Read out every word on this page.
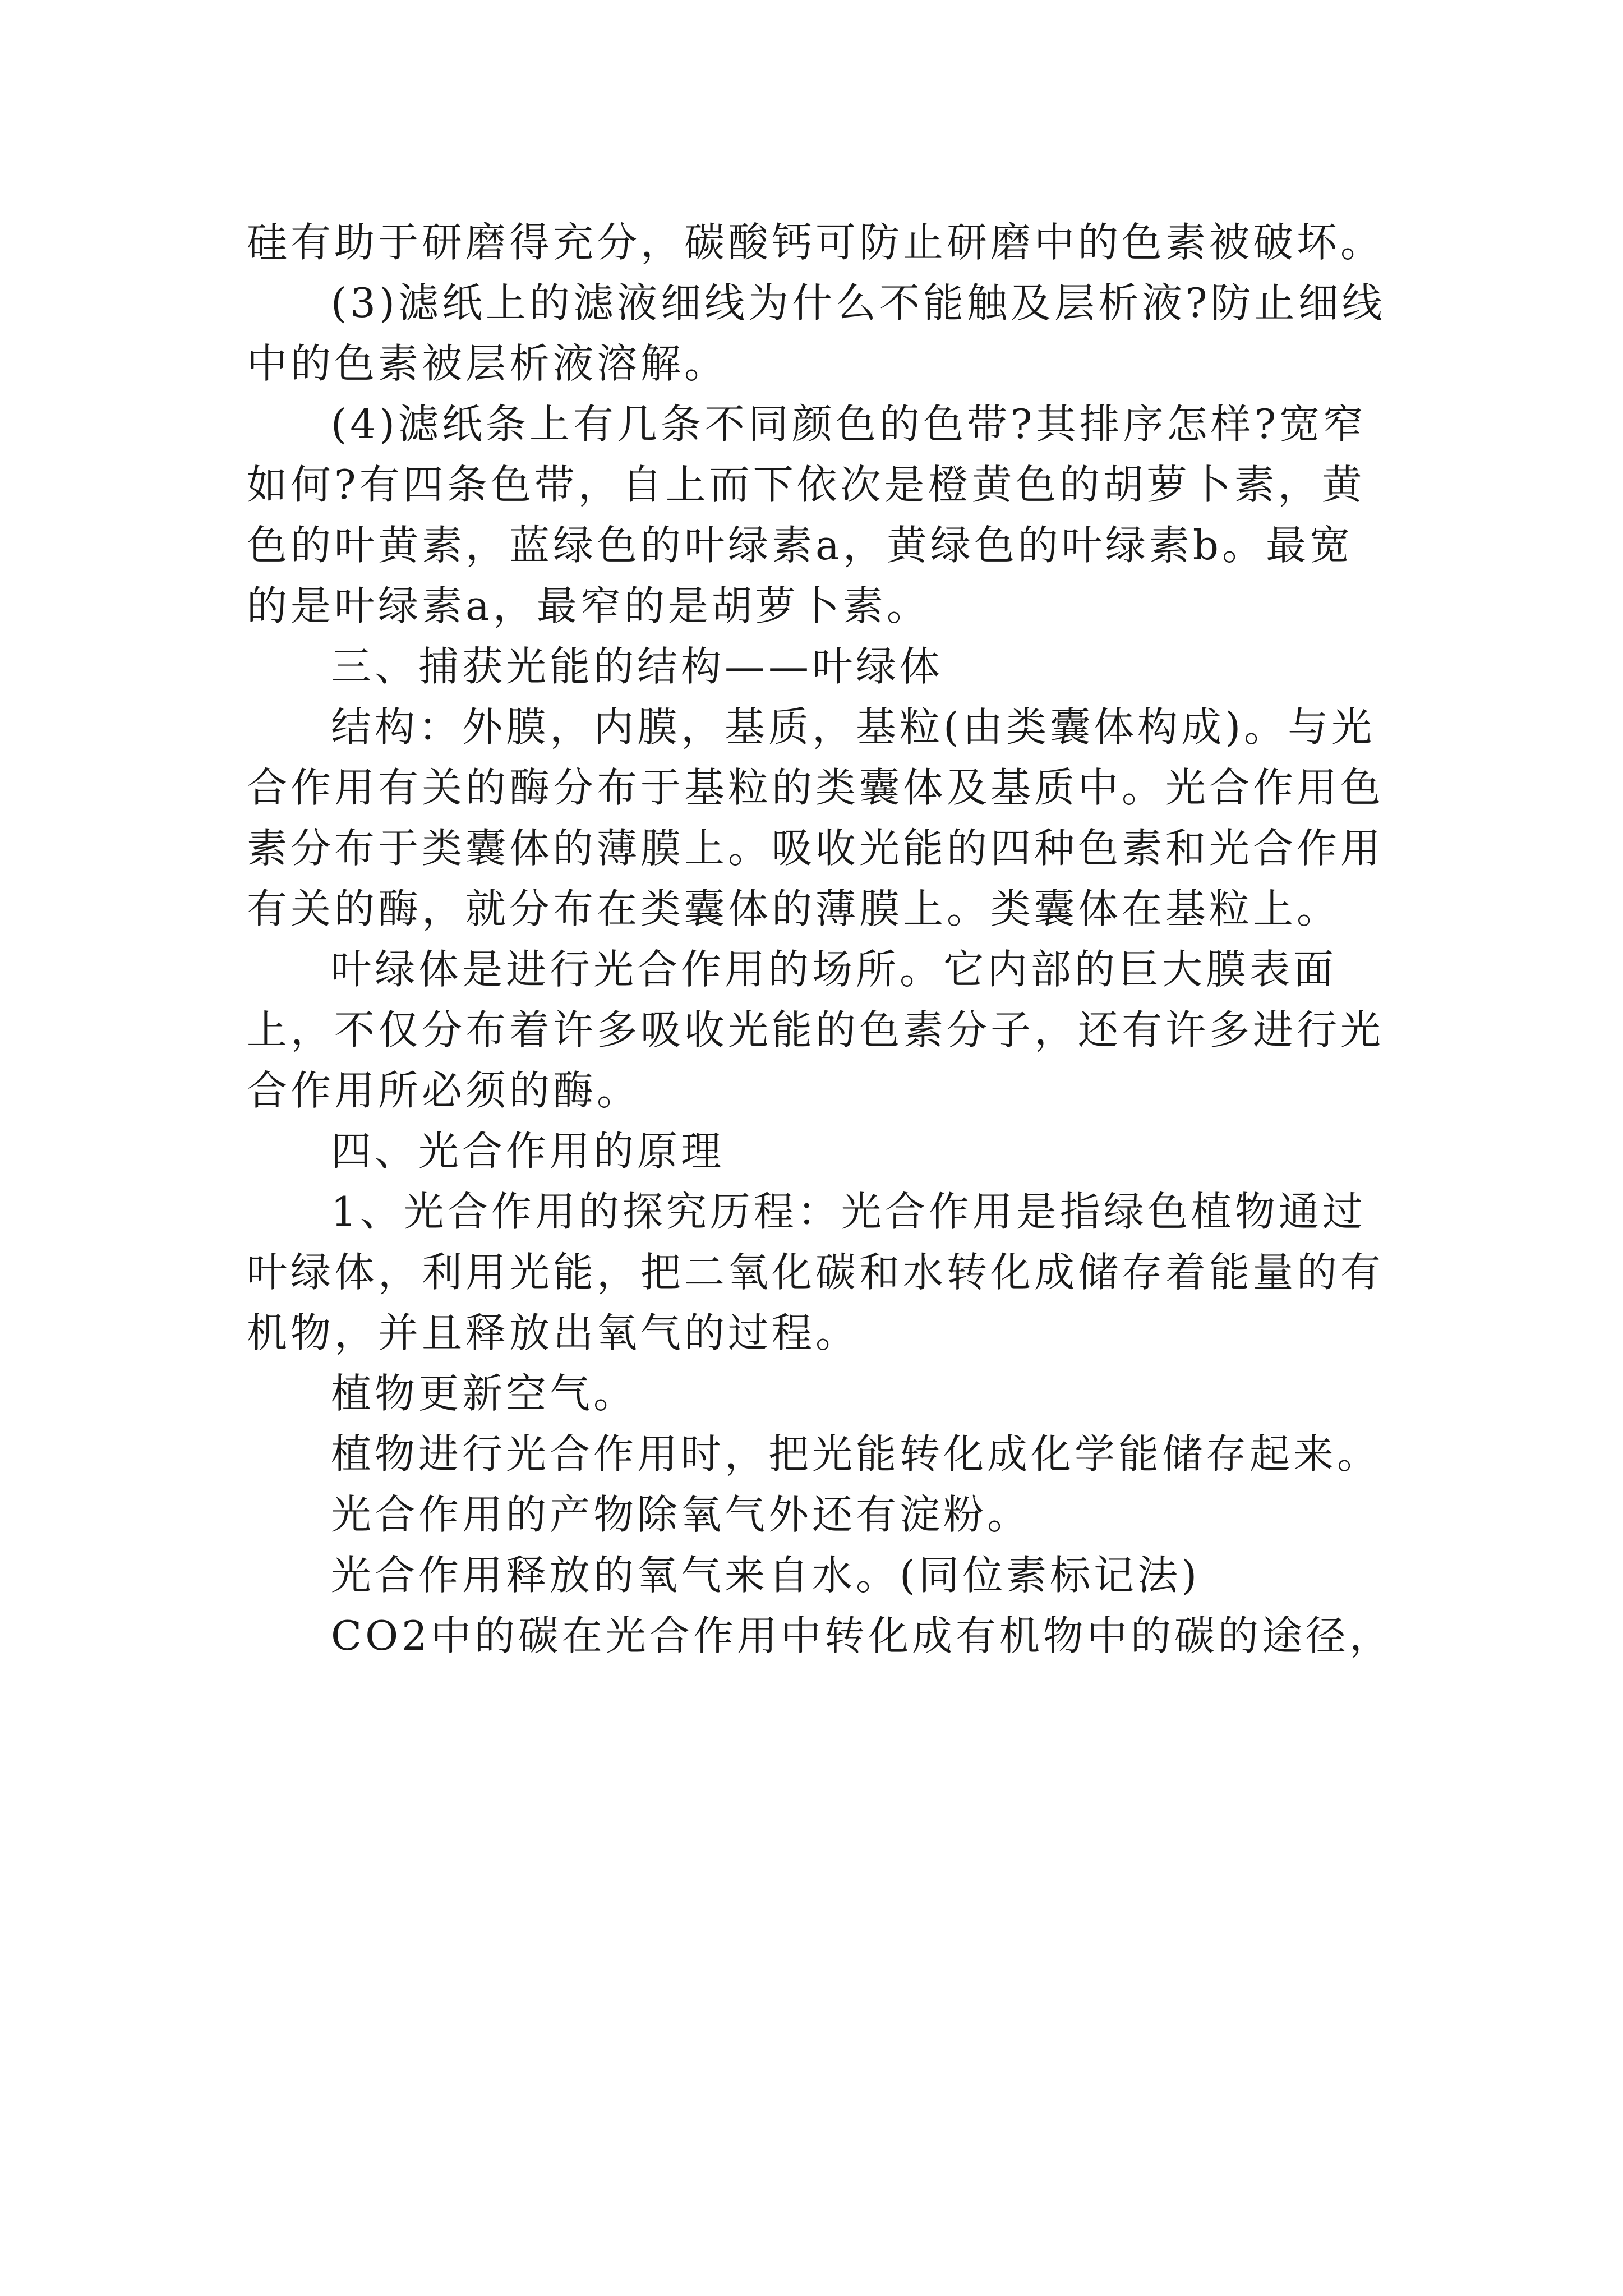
硅有助于研磨得充分，碳酸钙可防止研磨中的色素被破坏。

(3)滤纸上的滤液细线为什么不能触及层析液?防止细线中的色素被层析液溶解。

(4)滤纸条上有几条不同颜色的色带?其排序怎样?宽窄如何?有四条色带，自上而下依次是橙黄色的胡萝卜素，黄色的叶黄素，蓝绿色的叶绿素a，黄绿色的叶绿素b。最宽的是叶绿素a，最窄的是胡萝卜素。

三、捕获光能的结构——叶绿体

结构：外膜，内膜，基质，基粒(由类囊体构成)。与光合作用有关的酶分布于基粒的类囊体及基质中。光合作用色素分布于类囊体的薄膜上。吸收光能的四种色素和光合作用有关的酶，就分布在类囊体的薄膜上。类囊体在基粒上。

叶绿体是进行光合作用的场所。它内部的巨大膜表面上，不仅分布着许多吸收光能的色素分子，还有许多进行光合作用所必须的酶。

四、光合作用的原理

1、光合作用的探究历程：光合作用是指绿色植物通过叶绿体，利用光能，把二氧化碳和水转化成储存着能量的有机物，并且释放出氧气的过程。

植物更新空气。

植物进行光合作用时，把光能转化成化学能储存起来。

光合作用的产物除氧气外还有淀粉。

光合作用释放的氧气来自水。(同位素标记法)

CO2中的碳在光合作用中转化成有机物中的碳的途径，
